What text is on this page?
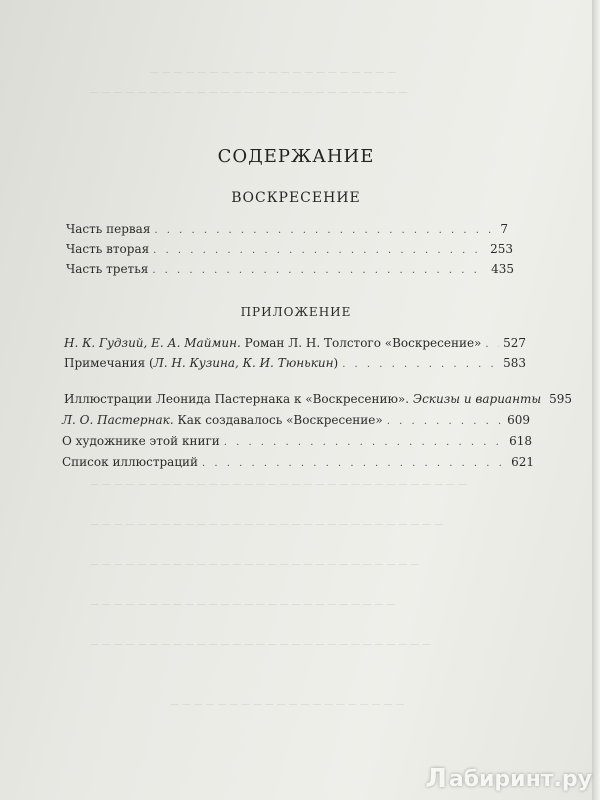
— — — — — — — — — — — — — — — — — — — — —
— — — — — — — — — — — — — — — — — — — — — — — — — — —
— — — — — — — — — — — — — — — — — — — — — — — — — — — — — — — —
— — — — — — — — — — — — — — — — — — — — — — — — — — — — — —
— — — — — — — — — — — — — — — — — — — — — — — — — — — —
— — — — — — — — — — — — — — — — — — — — — — — — — —
— — — — — — — — — — — — — — — — — — — — — — — — — — — — —
— — — — — — — — — — — — — — — — — — — —
СОДЕРЖАНИЕ
ВОСКРЕСЕНИЕ
Часть первая . . .	7
Часть вторая . . .	253
Часть третья . . .	435
ПРИЛОЖЕНИЕ
Н. К. Гудзий, Е. А. Маймин. Роман Л. Н. Толстого «Воскресение» . . . 527
Примечания (Л. Н. Кузина, К. И. Тюнькин) . . .	583
Иллюстрации Леонида Пастернака к «Воскресению». Эскизы и варианты 595
Л. О. Пастернак. Как создавалось «Воскресение» . . .	609
О художнике этой книги . . .	618
Список иллюстраций . . .	621
Л абиринт.ру
